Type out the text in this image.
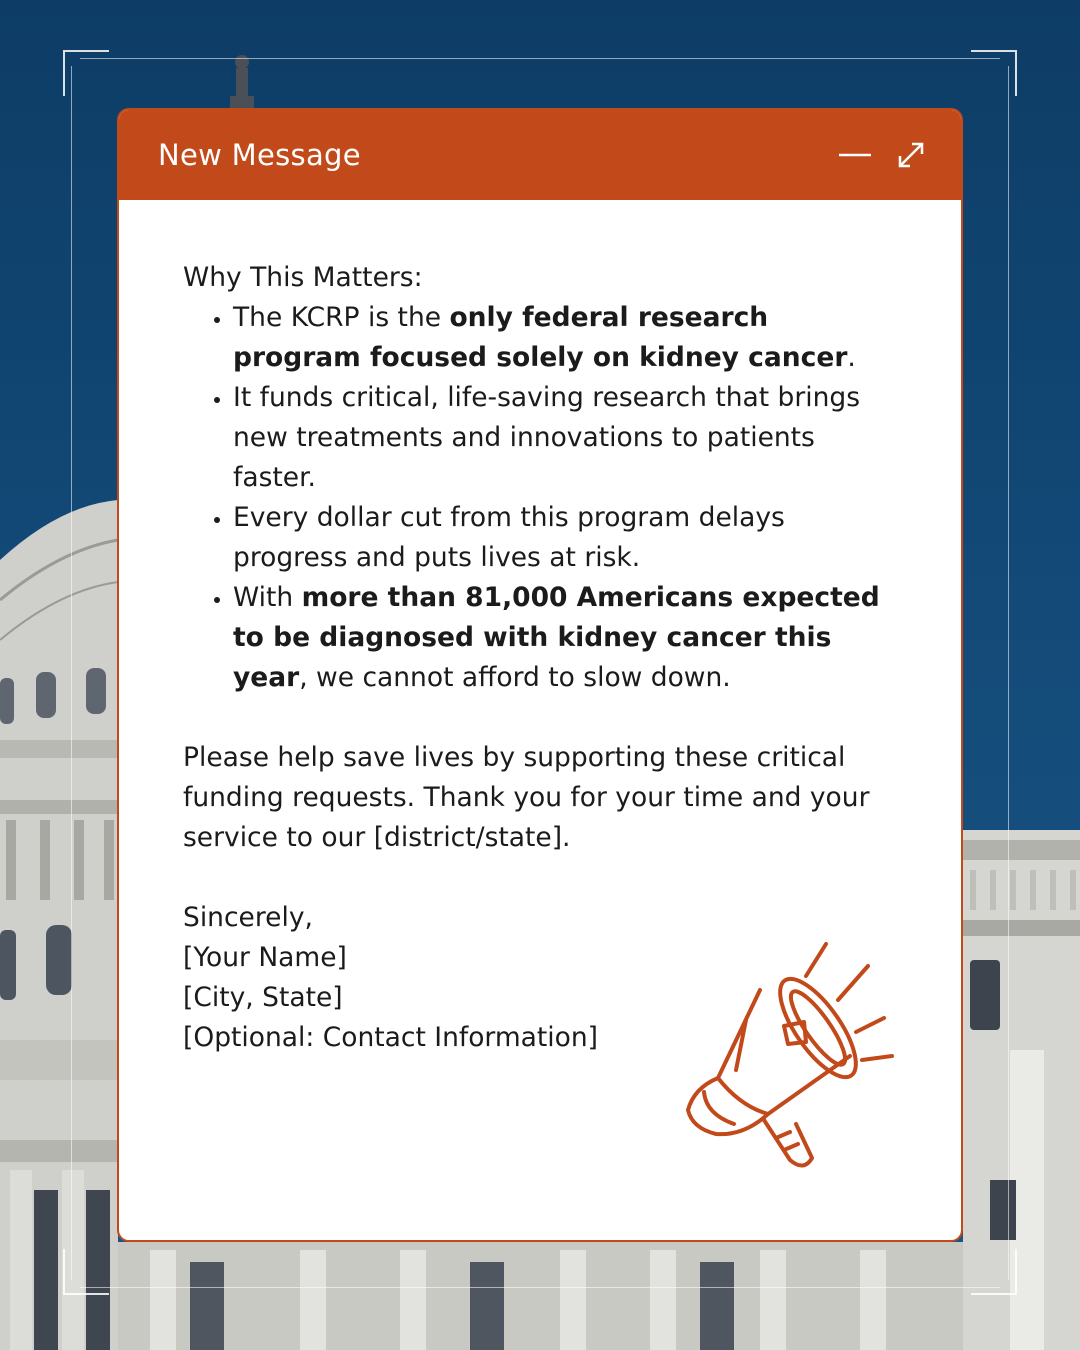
New Message

Why This Matters:

• The KCRP is the only federal research program focused solely on kidney cancer.
• It funds critical, life-saving research that brings new treatments and innovations to patients faster.
• Every dollar cut from this program delays progress and puts lives at risk.
• With more than 81,000 Americans expected to be diagnosed with kidney cancer this year, we cannot afford to slow down.

Please help save lives by supporting these critical funding requests. Thank you for your time and your service to our [district/state].

Sincerely,
[Your Name]
[City, State]
[Optional: Contact Information]
